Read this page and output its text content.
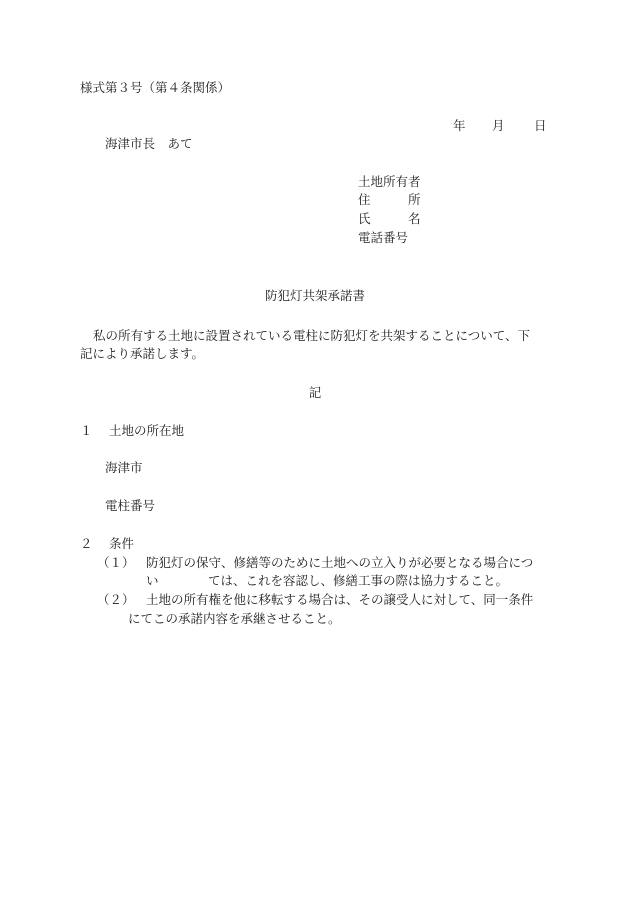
様式第３号（第４条関係）
年 月 日
海津市長　あて
土地所有者
住　　　所
氏　　　名
電話番号
防犯灯共架承諾書
私の所有する土地に設置されている電柱に防犯灯を共架することについて、下
記により承諾します。
記
１　 土地の所在地
海津市
電柱番号
２　 条件
（１） 防犯灯の保守、修繕等のために土地への立入りが必要となる場合につ
い	ては、これを容認し、修繕工事の際は協力すること。
（２） 土地の所有権を他に移転する場合は、その譲受人に対して、同一条件
にてこの承諾内容を承継させること。
